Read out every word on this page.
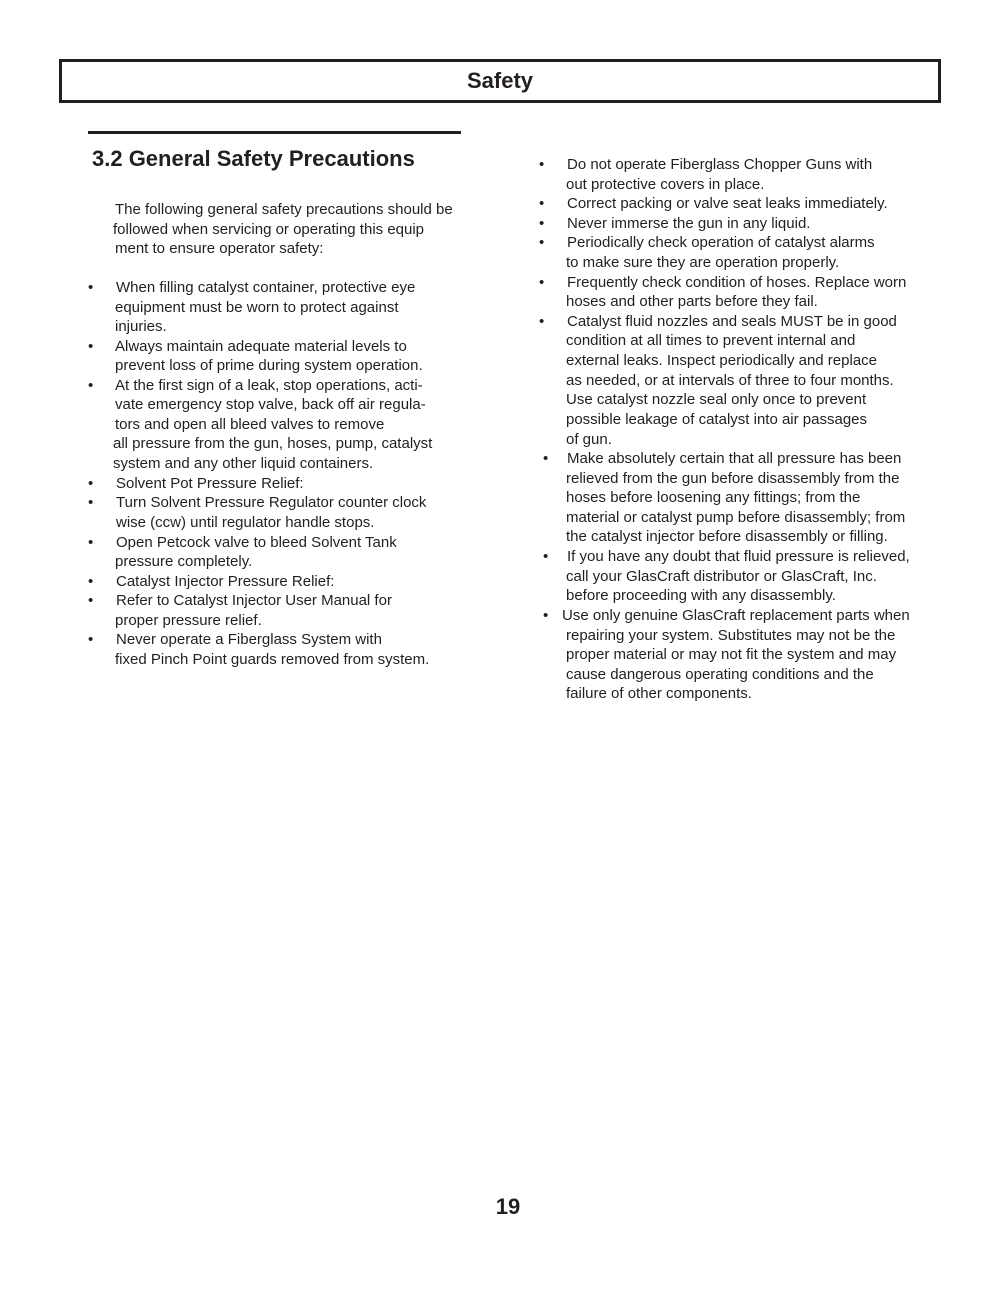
Safety
3.2 General Safety Precautions

The following general safety precautions should be

followed when servicing or operating this equip

ment to ensure operator safety:

• When filling catalyst container, protective eye

equipment must be worn to protect against

injuries.

• Always maintain adequate material levels to

prevent loss of prime during system operation.

• At the first sign of a leak, stop operations, acti-

vate emergency stop valve, back off air regula-

tors and open all bleed valves to remove

all pressure from the gun, hoses, pump, catalyst

system and any other liquid containers.

• Solvent Pot Pressure Relief:

• Turn Solvent Pressure Regulator counter clock

wise (ccw) until regulator handle stops.

• Open Petcock valve to bleed Solvent Tank

pressure completely.

• Catalyst Injector Pressure Relief:

• Refer to Catalyst Injector User Manual for

proper pressure relief.

• Never operate a Fiberglass System with

fixed Pinch Point guards removed from system.

• Do not operate Fiberglass Chopper Guns with

out protective covers in place.

• Correct packing or valve seat leaks immediately.

• Never immerse the gun in any liquid.

• Periodically check operation of catalyst alarms

to make sure they are operation properly.

• Frequently check condition of hoses. Replace worn

hoses and other parts before they fail.

• Catalyst fluid nozzles and seals MUST be in good

condition at all times to prevent internal and

external leaks. Inspect periodically and replace

as needed, or at intervals of three to four months.

Use catalyst nozzle seal only once to prevent

possible leakage of catalyst into air passages

of gun.

• Make absolutely certain that all pressure has been

relieved from the gun before disassembly from the

hoses before loosening any fittings; from the

material or catalyst pump before disassembly; from

the catalyst injector before disassembly or filling.

• If you have any doubt that fluid pressure is relieved,

call your GlasCraft distributor or GlasCraft, Inc.

before proceeding with any disassembly.

• Use only genuine GlasCraft replacement parts when

repairing your system. Substitutes may not be the

proper material or may not fit the system and may

cause dangerous operating conditions and the

failure of other components.

19
